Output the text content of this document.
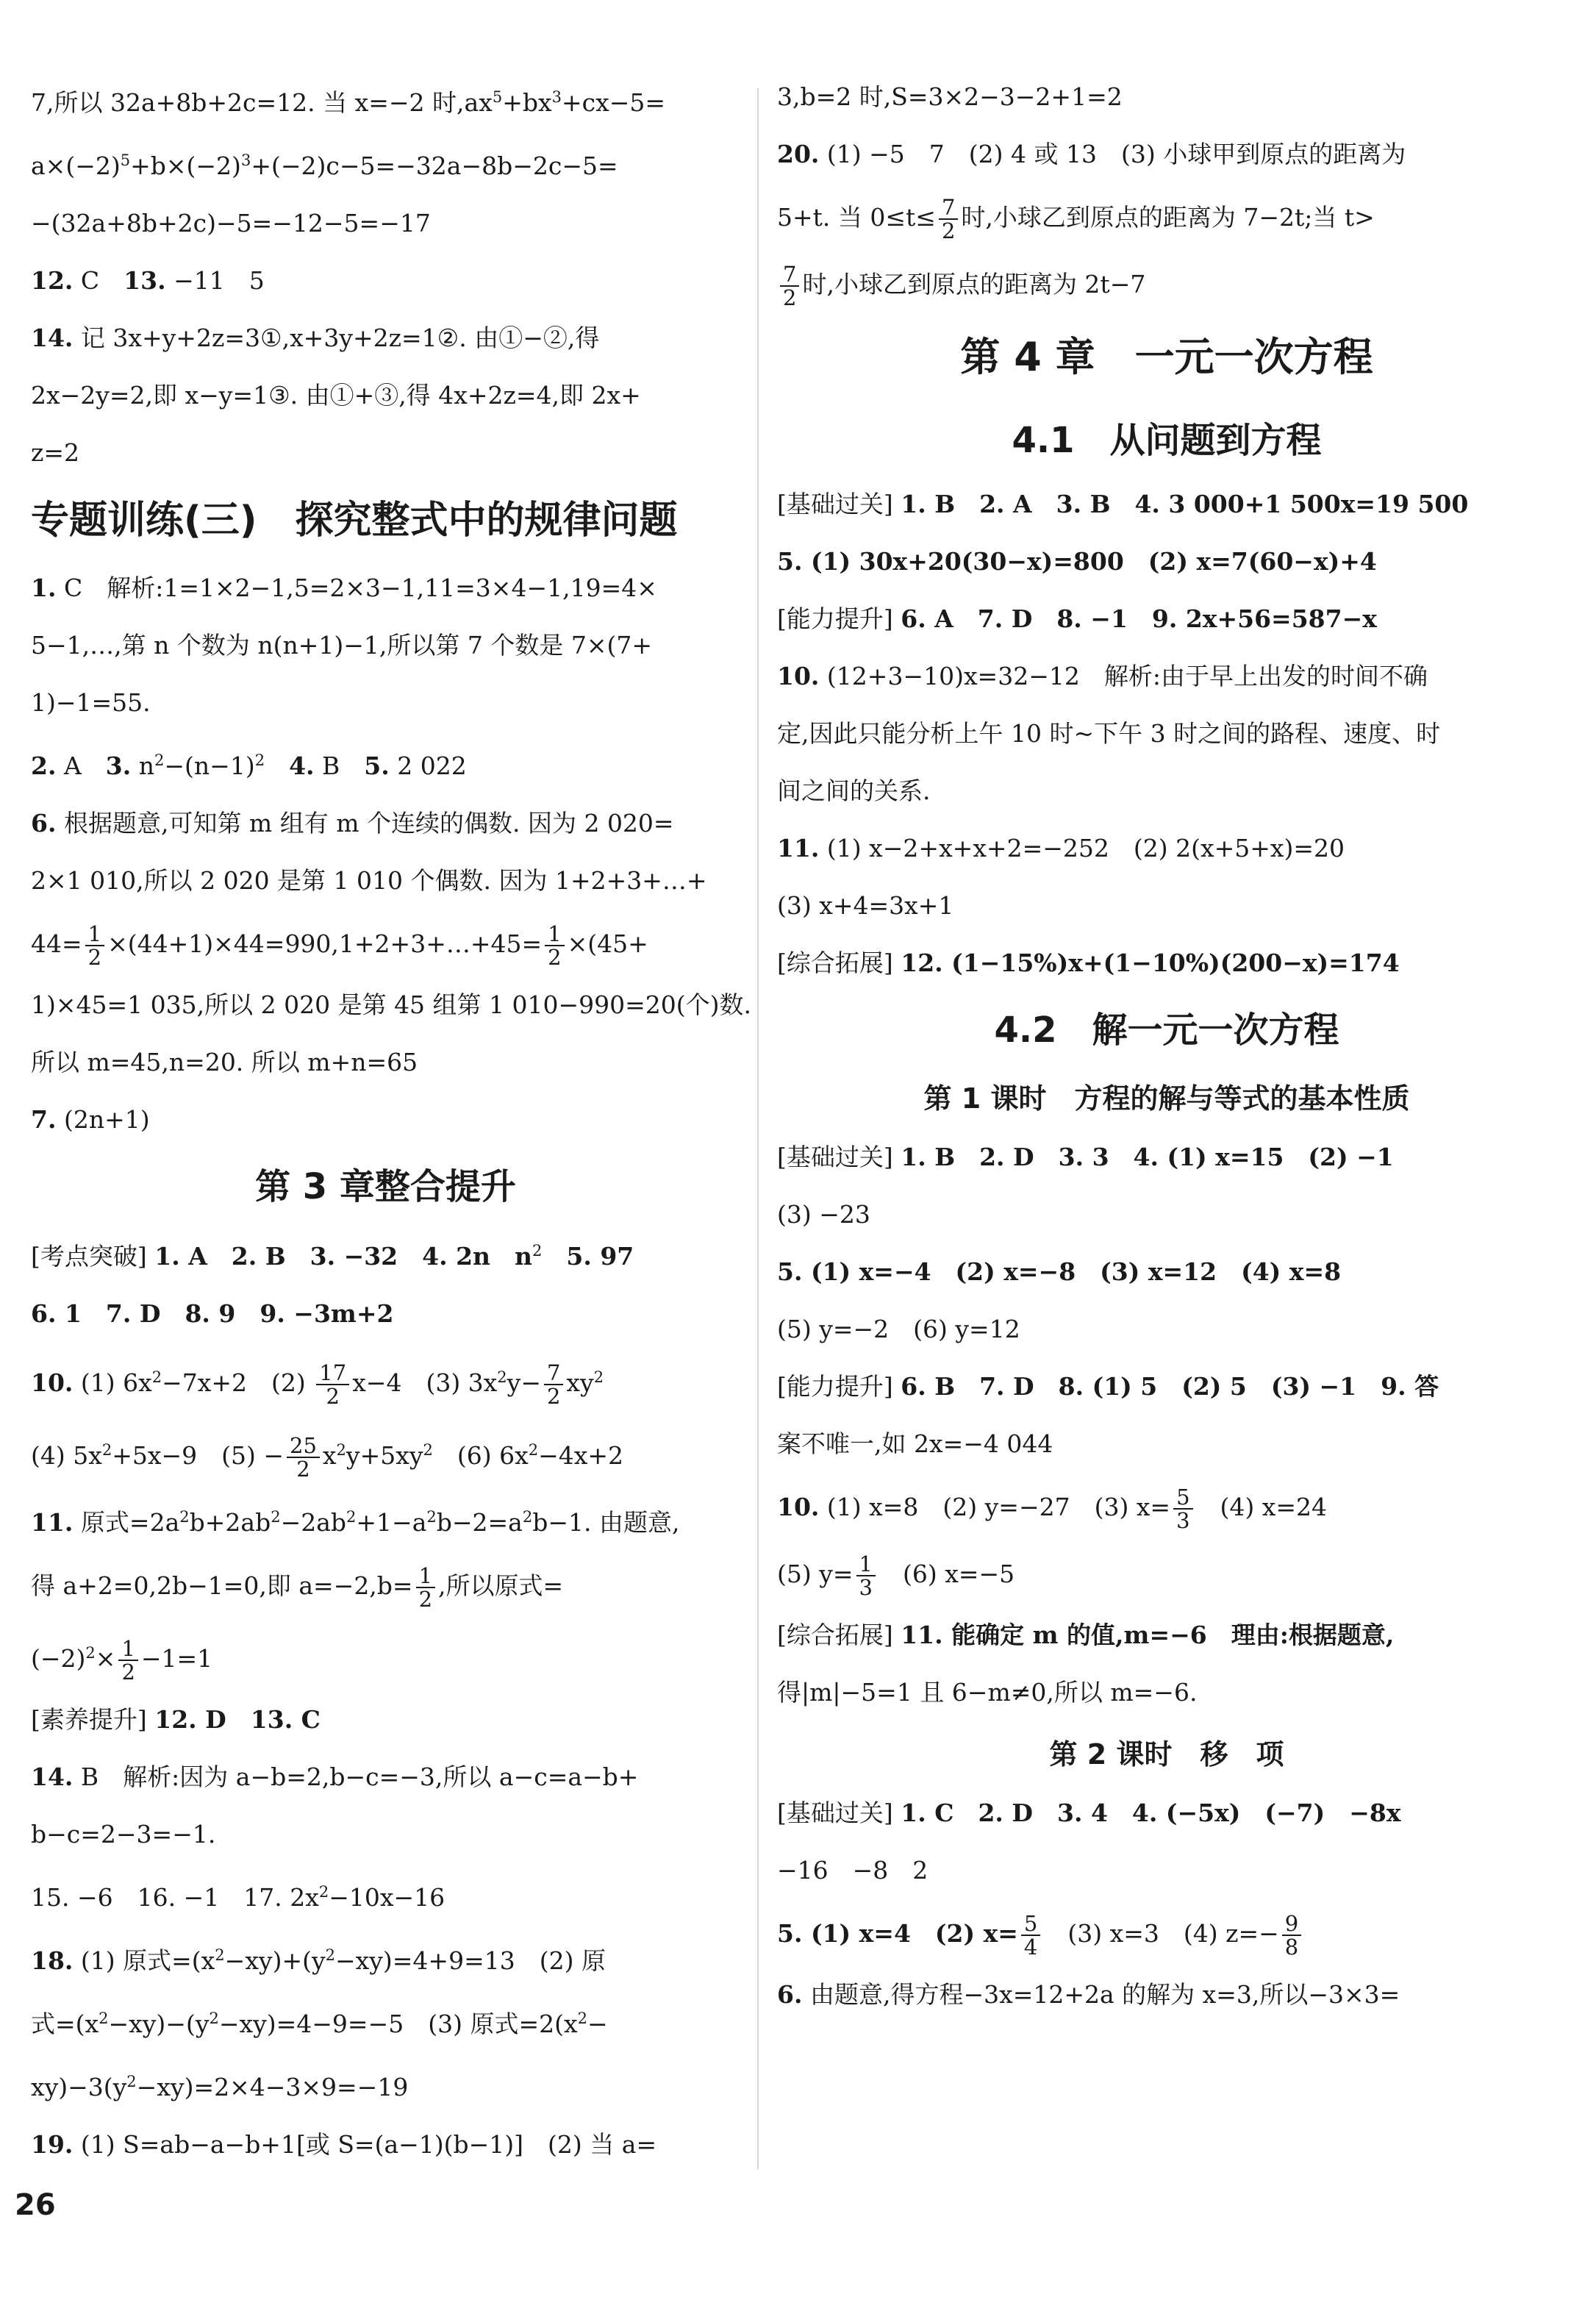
7,所以 32a+8b+2c=12. 当 x=−2 时$,ax^5+bx^3+cx-5=$
$a\times(-2)^5+b\times(-2)^3+(-2)c-5=-32a-8b-2c-5=$
−(32a+8b+2c)−5=−12−5=−17
12. C　 13. −11　5
14. 记 3x+y+2z=3①,x+3y+2z=1②. 由①−②,得
2x−2y=2,即 x−y=1③. 由①+③,得 4x+2z=4,即 2x+
z=2
专题训练(三)　探究整式中的规律问题
1. C　解析:1=1×2−1,5=2×3−1,11=3×4−1,19=4×
5−1,…,第 n 个数为 n(n+1)−1,所以第 7 个数是 7×(7+
1)−1=55.
2. A　 3. $n^2-(n-1)^2$　 4. B　 5. 2 022
6. 根据题意,可知第 m 组有 m 个连续的偶数. 因为 2 020=
2×1 010,所以 2 020 是第 1 010 个偶数. 因为 1+2+3+…+
$44= \frac{1}{2}$ ×(44+1)×44=990,1+2+3+…+45= $\frac{1}{2} \times(45+$
1)×45=1 035,所以 2 020 是第 45 组第 1 010−990=20(个)数.
所以 m=45,n=20. 所以 m+n=65
7. (2n+1)
第 3 章整合提升
[考点突破] 1. A　2. B　3. −32　4. 2n　$n^2$　5. 97
6. 1　7. D　8. 9　9. −3m+2
10. (1) $6x^2-7x+2$　$(2) \frac{17}{2} x-4$　(3) $3x^2y- \frac{7}{2} xy^2$
(4) $5x^2+5x-9$　$(5) - \frac{25}{2} x^2y+5xy^2$　(6) $6x^2-4x+2$
11. 原式$=2a^2b+2ab^2-2ab^2+1-a^2b-2=a^2b-1$. 由题意,
得 a+2=0,2b−1=0,即 $a=-2,b= \frac{1}{2}$ ,所以原式=
$(-2)^2\times \frac{1}{2} -1=1$
[素养提升] 12. D　13. C
14. B　解析:因为 a−b=2,b−c=−3,所以 a−c=a−b+
b−c=2−3=−1.
15. −6　16. −1　17. $2x^2-10x-16$
18. (1) 原式$=(x^2-xy)+(y^2-xy)=4+9=13$　(2) 原
式$=(x^2-xy)-(y^2-xy)=4-9=-5$　(3) 原式$=2(x^2-$
$xy)-3(y^2-xy)=2\times 4-3\times 9=-19$
19. (1) S=ab−a−b+1[或 S=(a−1)(b−1)]　(2) 当 a=
3,b=2 时,S=3×2−3−2+1=2
20. (1) −5　7　(2) 4 或 13　(3) 小球甲到原点的距离为
5+t. 当 $0\le t\le \frac{7}{2}$ 时,小球乙到原点的距离为 7−2t;当 t>
$\frac{7}{2}$ 时,小球乙到原点的距离为 2t−7
第 4 章　一元一次方程
4.1　从问题到方程
[基础过关] 1. B　2. A　3. B　4. 3 000+1 500x=19 500
5. (1) 30x+20(30−x)=800　(2) x=7(60−x)+4
[能力提升] 6. A　7. D　8. −1　9. 2x+56=587−x
10. (12+3−10)x=32−12　解析:由于早上出发的时间不确
定,因此只能分析上午 10 时~下午 3 时之间的路程、速度、时
间之间的关系.
11. (1) x−2+x+x+2=−252　(2) 2(x+5+x)=20
(3) x+4=3x+1
[综合拓展] 12. (1−15%)x+(1−10%)(200−x)=174
4.2　解一元一次方程
第 1 课时　方程的解与等式的基本性质
[基础过关] 1. B　2. D　3. 3　4. (1) x=15　(2) −1
(3) −23
5. (1) x=−4　(2) x=−8　(3) x=12　(4) x=8
(5) y=−2　(6) y=12
[能力提升] 6. B　7. D　8. (1) 5　(2) 5　(3) −1　9. 答
案不唯一,如 2x=−4 044
10. (1) x=8　(2) y=−27　(3) $x= \frac{5}{3}$ 　(4) x=24
(5) $y= \frac{1}{3}$ 　(6) x=−5
[综合拓展] 11. 能确定 m 的值,m=−6　理由:根据题意,
得|m|−5=1 且 6−m≠0,所以 m=−6.
第 2 课时　移　项
[基础过关] 1. C　2. D　3. 4　4. (−5x)　(−7)　−8x
−16　−8　2
5. (1) x=4　(2) $x= \frac{5}{4}$ 　(3) x=3　(4) $z=- \frac{9}{8}$
6. 由题意,得方程−3x=12+2a 的解为 x=3,所以−3×3=
26
